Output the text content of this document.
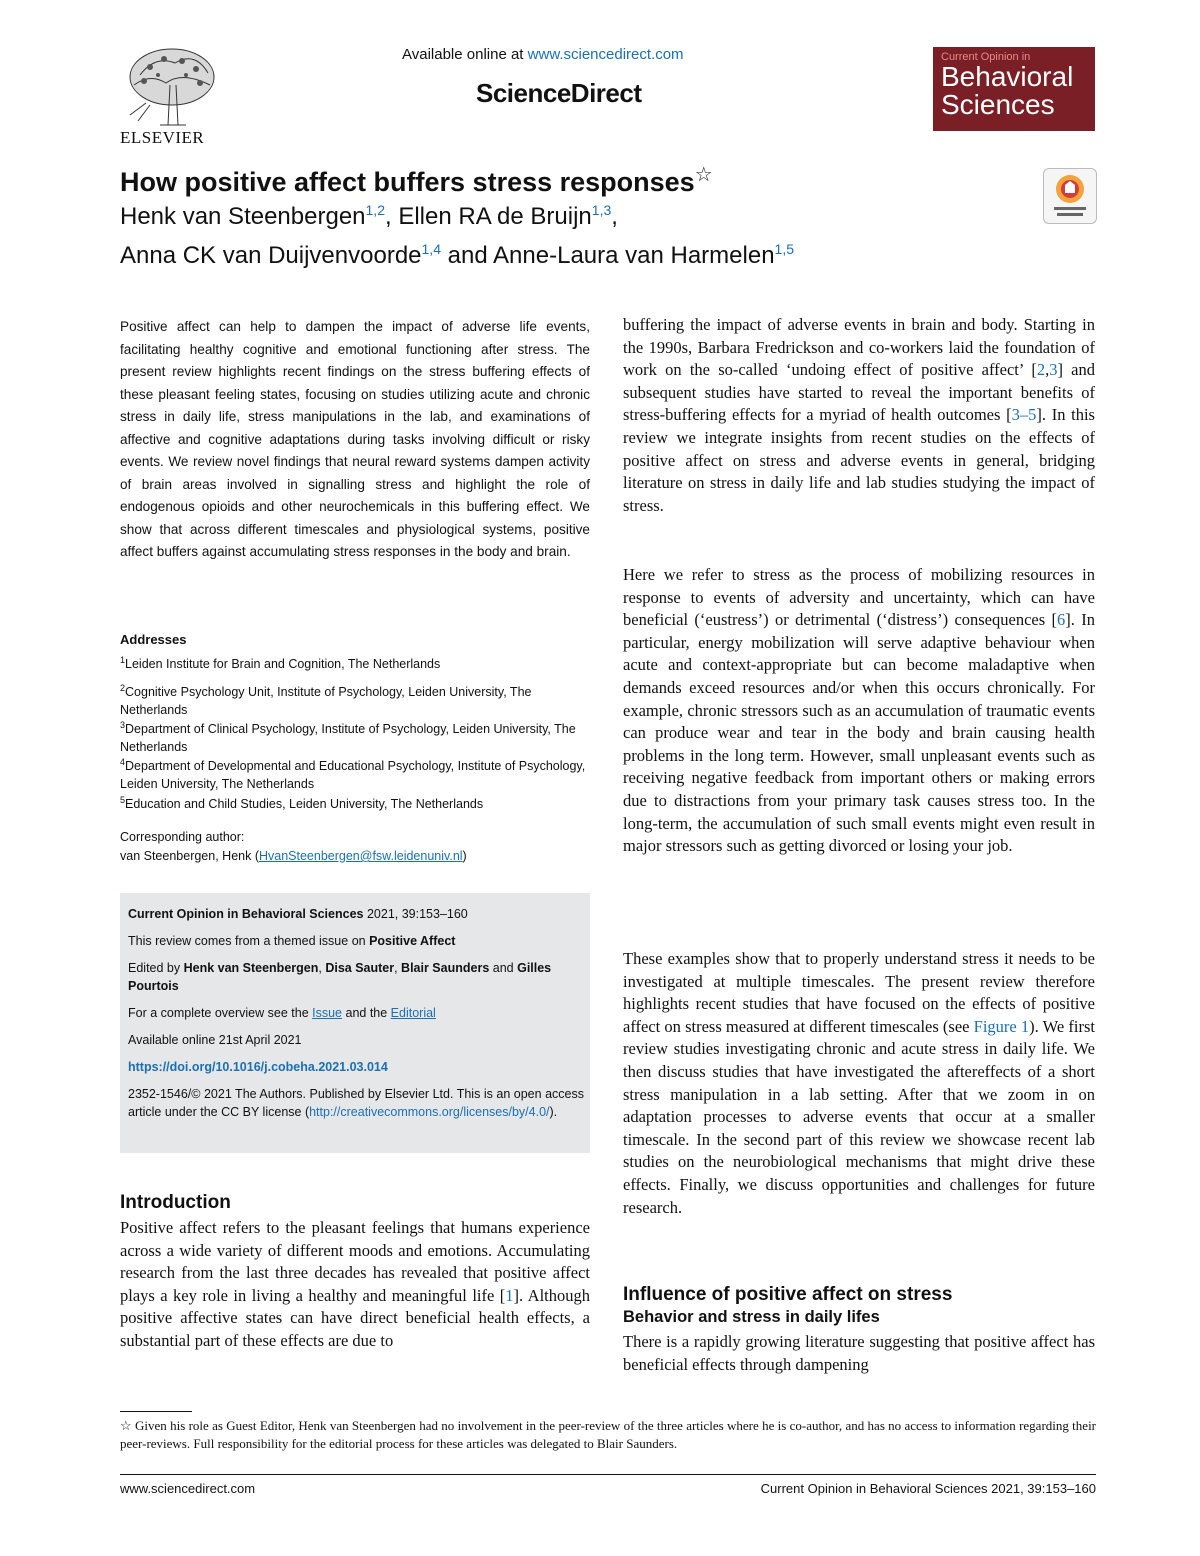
ELSEVIER
Available online at www.sciencedirect.com
ScienceDirect
Current Opinion in
Behavioral
Sciences
How positive affect buffers stress responses☆
Henk van Steenbergen$^{1,2}$, Ellen RA de Bruijn$^{1,3}$,
Anna CK van Duijvenvoorde$^{1,4}$ and Anne-Laura van Harmelen$^{1,5}$
Positive affect can help to dampen the impact of adverse life events, facilitating healthy cognitive and emotional functioning after stress. The present review highlights recent findings on the stress buffering effects of these pleasant feeling states, focusing on studies utilizing acute and chronic stress in daily life, stress manipulations in the lab, and examinations of affective and cognitive adaptations during tasks involving difficult or risky events. We review novel findings that neural reward systems dampen activity of brain areas involved in signalling stress and highlight the role of endogenous opioids and other neurochemicals in this buffering effect. We show that across different timescales and physiological systems, positive affect buffers against accumulating stress responses in the body and brain.
Addresses
$^1$Leiden Institute for Brain and Cognition, The Netherlands
$^2$Cognitive Psychology Unit, Institute of Psychology, Leiden University, The Netherlands
$^3$Department of Clinical Psychology, Institute of Psychology, Leiden University, The Netherlands
$^4$Department of Developmental and Educational Psychology, Institute of Psychology, Leiden University, The Netherlands
$^5$Education and Child Studies, Leiden University, The Netherlands
Corresponding author:
van Steenbergen, Henk (HvanSteenbergen@fsw.leidenuniv.nl)

Current Opinion in Behavioral Sciences 2021, 39:153–160

This review comes from a themed issue on Positive Affect

Edited by Henk van Steenbergen, Disa Sauter, Blair Saunders and Gilles Pourtois

For a complete overview see the Issue and the Editorial

Available online 21st April 2021

https://doi.org/10.1016/j.cobeha.2021.03.014

2352-1546/© 2021 The Authors. Published by Elsevier Ltd. This is an open access article under the CC BY license (http://creativecommons.org/licenses/by/4.0/).

Introduction
Positive affect refers to the pleasant feelings that humans experience across a wide variety of different moods and emotions. Accumulating research from the last three decades has revealed that positive affect plays a key role in living a healthy and meaningful life [1]. Although positive affective states can have direct beneficial health effects, a substantial part of these effects are due to
buffering the impact of adverse events in brain and body. Starting in the 1990s, Barbara Fredrickson and co-workers laid the foundation of work on the so-called ‘undoing effect of positive affect’ [2,3] and subsequent studies have started to reveal the important benefits of stress-buffering effects for a myriad of health outcomes [3–5]. In this review we integrate insights from recent studies on the effects of positive affect on stress and adverse events in general, bridging literature on stress in daily life and lab studies studying the impact of stress.
Here we refer to stress as the process of mobilizing resources in response to events of adversity and uncertainty, which can have beneficial (‘eustress’) or detrimental (‘distress’) consequences [6]. In particular, energy mobilization will serve adaptive behaviour when acute and context-appropriate but can become maladaptive when demands exceed resources and/or when this occurs chronically. For example, chronic stressors such as an accumulation of traumatic events can produce wear and tear in the body and brain causing health problems in the long term. However, small unpleasant events such as receiving negative feedback from important others or making errors due to distractions from your primary task causes stress too. In the long-term, the accumulation of such small events might even result in major stressors such as getting divorced or losing your job.
These examples show that to properly understand stress it needs to be investigated at multiple timescales. The present review therefore highlights recent studies that have focused on the effects of positive affect on stress measured at different timescales (see Figure 1). We first review studies investigating chronic and acute stress in daily life. We then discuss studies that have investigated the aftereffects of a short stress manipulation in a lab setting. After that we zoom in on adaptation processes to adverse events that occur at a smaller timescale. In the second part of this review we showcase recent lab studies on the neurobiological mechanisms that might drive these effects. Finally, we discuss opportunities and challenges for future research.
Influence of positive affect on stress
Behavior and stress in daily lifes
There is a rapidly growing literature suggesting that positive affect has beneficial effects through dampening
☆ Given his role as Guest Editor, Henk van Steenbergen had no involvement in the peer-review of the three articles where he is co-author, and has no access to information regarding their peer-reviews. Full responsibility for the editorial process for these articles was delegated to Blair Saunders.
www.sciencedirect.com	Current Opinion in Behavioral Sciences 2021, 39:153–160
